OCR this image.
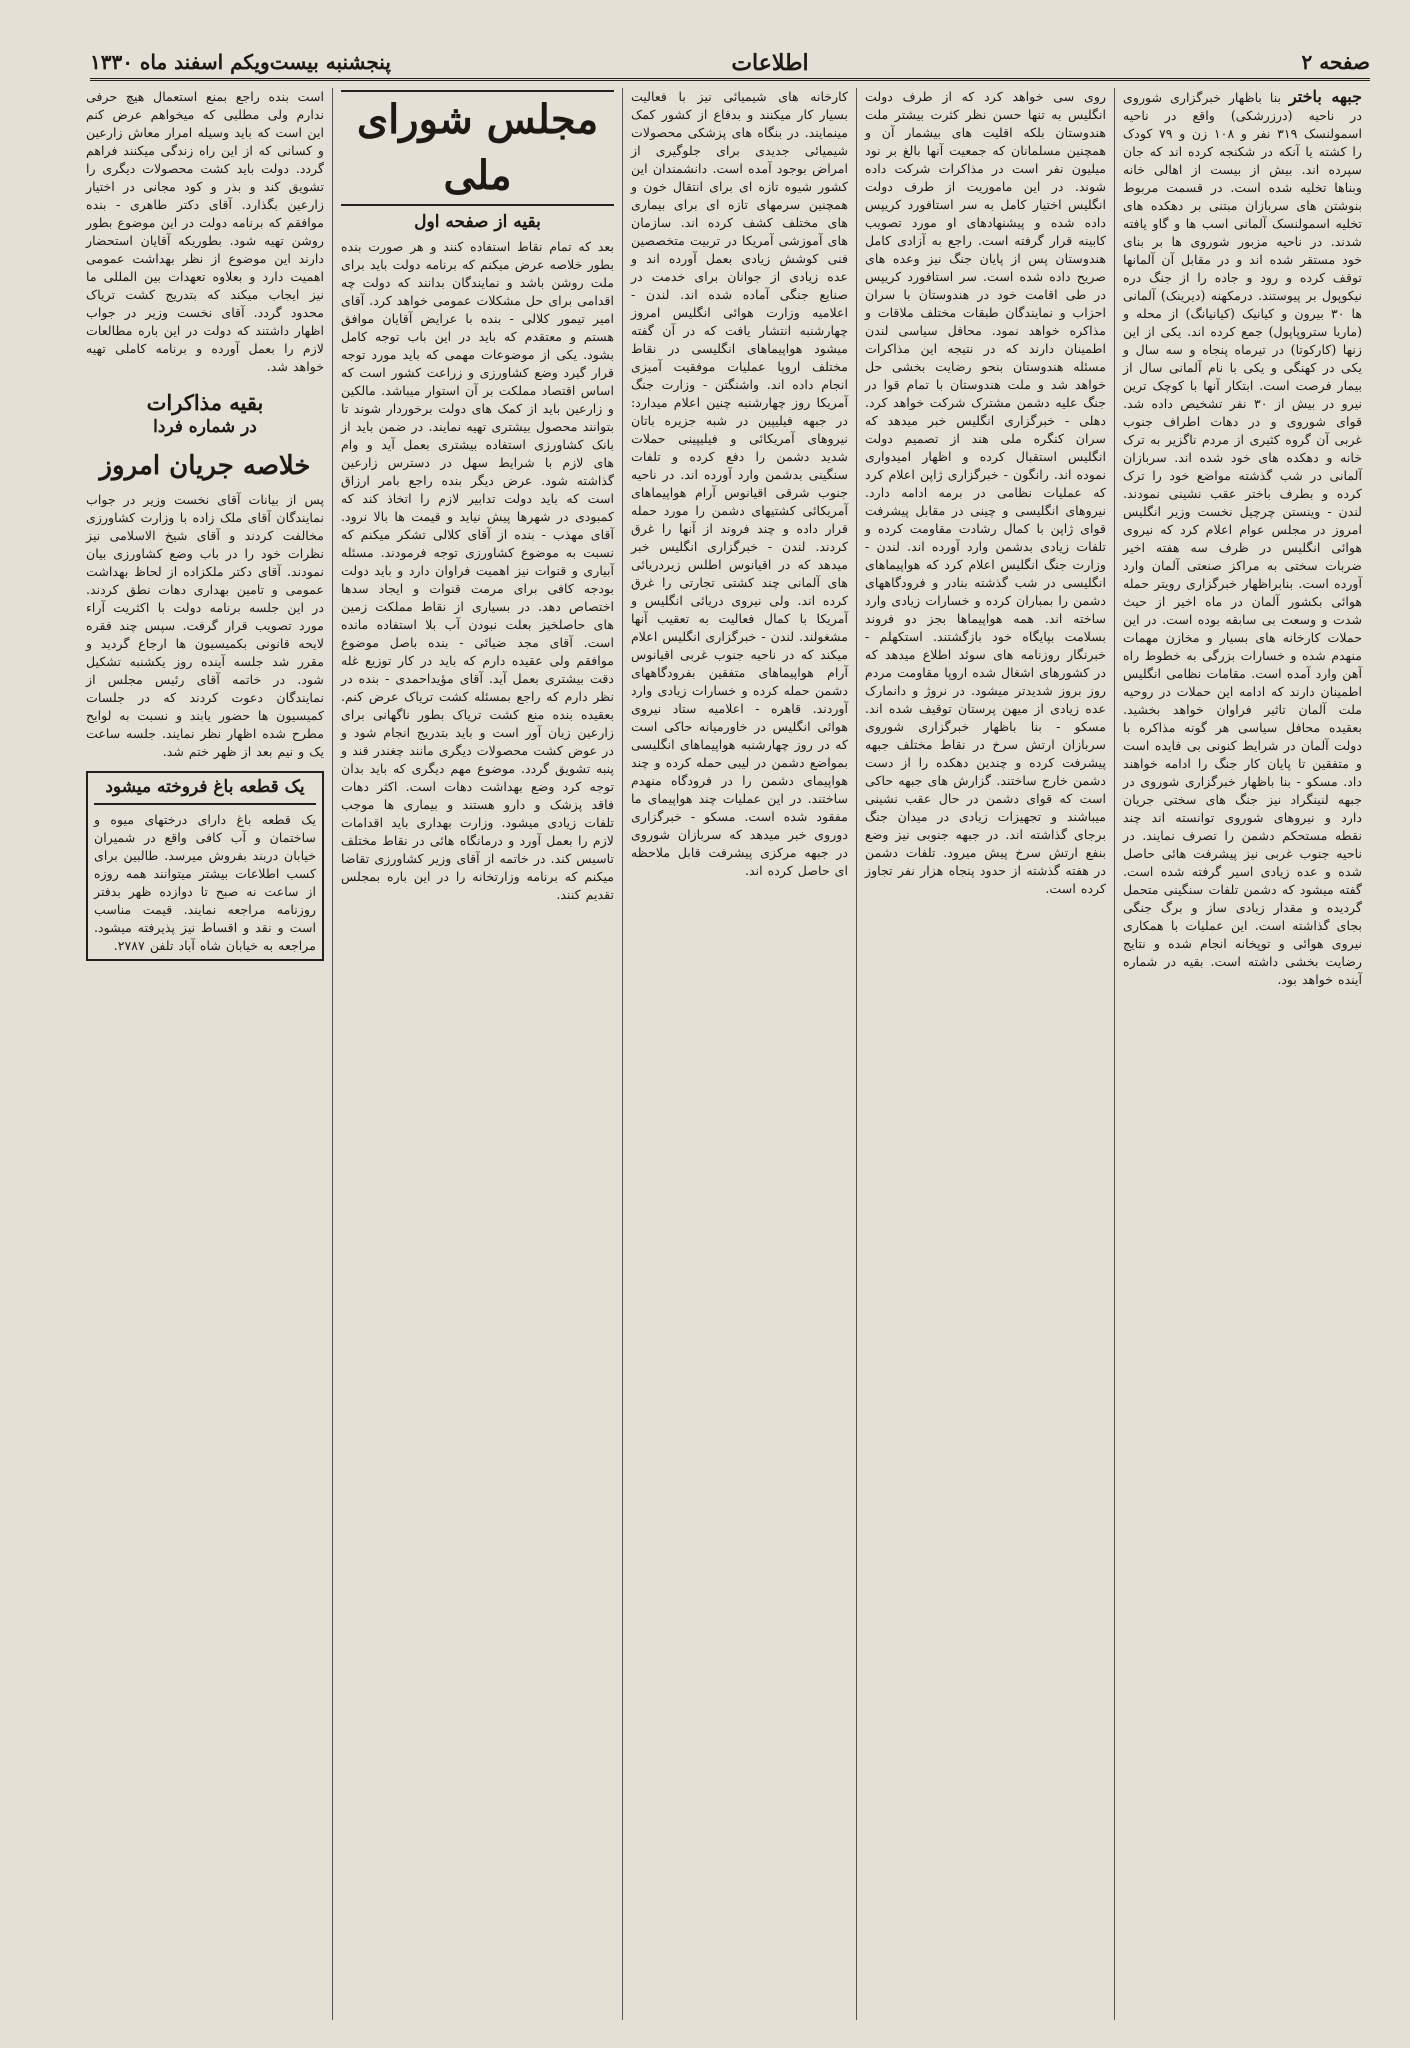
صفحه ۲
اطلاعات
پنجشنبه بیست‌ویکم اسفند ماه ۱۳۳۰
جبهه باختر بنا باظهار خبرگزاری شوروی در ناحیه (درزرشکی) واقع در ناحیه اسمولنسک ۳۱۹ نفر و ۱۰۸ زن و ۷۹ کودک را کشته یا آنکه در شکنجه کرده اند که جان سپرده اند. بیش از بیست از اهالی خانه وبناها تخلیه شده است. در قسمت مربوط بنوشتن های سربازان مبتنی بر دهکده های تخلیه اسمولنسک آلمانی اسب ها و گاو یافته شدند. در ناحیه مزبور شوروی ها بر بنای خود مستقر شده اند و در مقابل آن آلمانها توقف کرده و رود و جاده را از جنگ دره نیکوپول بر پیوستند. درمکهنه (دیرینک) آلمانی ها ۳۰ بیرون و کیانیک (کیانیانگ) از محله و (ماریا ستروپاپول) جمع کرده اند. یکی از این زنها (کارکوتا) در تیرماه پنجاه و سه سال و یکی در کهنگی و یکی با نام آلمانی سال از بیمار فرصت است. ابتکار آنها با کوچک ترین نیرو در بیش از ۳۰ نفر تشخیص داده شد. قوای شوروی و در دهات اطراف جنوب غربی آن گروه کثیری از مردم ناگزیر به ترک خانه و دهکده های خود شده اند. سربازان آلمانی در شب گذشته مواضع خود را ترک کرده و بطرف باختر عقب نشینی نمودند. لندن - وینستن چرچیل نخست وزیر انگلیس امروز در مجلس عوام اعلام کرد که نیروی هوائی انگلیس در ظرف سه هفته اخیر ضربات سختی به مراکز صنعتی آلمان وارد آورده است. بنابراظهار خبرگزاری رویتر حمله هوائی بکشور آلمان در ماه اخیر از حیث شدت و وسعت بی سابقه بوده است. در این حملات کارخانه های بسیار و مخازن مهمات منهدم شده و خسارات بزرگی به خطوط راه آهن وارد آمده است. مقامات نظامی انگلیس اطمینان دارند که ادامه این حملات در روحیه ملت آلمان تاثیر فراوان خواهد بخشید. بعقیده محافل سیاسی هر گونه مذاکره با دولت آلمان در شرایط کنونی بی فایده است و متفقین تا پایان کار جنگ را ادامه خواهند داد. مسکو - بنا باظهار خبرگزاری شوروی در جبهه لنینگراد نیز جنگ های سختی جریان دارد و نیروهای شوروی توانسته اند چند نقطه مستحکم دشمن را تصرف نمایند. در ناحیه جنوب غربی نیز پیشرفت هائی حاصل شده و عده زیادی اسیر گرفته شده است. گفته میشود که دشمن تلفات سنگینی متحمل گردیده و مقدار زیادی ساز و برگ جنگی بجای گذاشته است. این عملیات با همکاری نیروی هوائی و توپخانه انجام شده و نتایج رضایت بخشی داشته است. بقیه در شماره آینده خواهد بود.
روی سی خواهد کرد که از طرف دولت انگلیس به تنها حسن نظر کثرت بیشتر ملت هندوستان بلکه اقلیت های بیشمار آن و همچنین مسلمانان که جمعیت آنها بالغ بر نود میلیون نفر است در مذاکرات شرکت داده شوند. در این ماموریت از طرف دولت انگلیس اختیار کامل به سر استافورد کریپس داده شده و پیشنهادهای او مورد تصویب کابینه قرار گرفته است. راجع به آزادی کامل هندوستان پس از پایان جنگ نیز وعده های صریح داده شده است. سر استافورد کریپس در طی اقامت خود در هندوستان با سران احزاب و نمایندگان طبقات مختلف ملاقات و مذاکره خواهد نمود. محافل سیاسی لندن اطمینان دارند که در نتیجه این مذاکرات مسئله هندوستان بنحو رضایت بخشی حل خواهد شد و ملت هندوستان با تمام قوا در جنگ علیه دشمن مشترک شرکت خواهد کرد. دهلی - خبرگزاری انگلیس خبر میدهد که سران کنگره ملی هند از تصمیم دولت انگلیس استقبال کرده و اظهار امیدواری نموده اند. رانگون - خبرگزاری ژاپن اعلام کرد که عملیات نظامی در برمه ادامه دارد. نیروهای انگلیسی و چینی در مقابل پیشرفت قوای ژاپن با کمال رشادت مقاومت کرده و تلفات زیادی بدشمن وارد آورده اند. لندن - وزارت جنگ انگلیس اعلام کرد که هواپیماهای انگلیسی در شب گذشته بنادر و فرودگاههای دشمن را بمباران کرده و خسارات زیادی وارد ساخته اند. همه هواپیماها بجز دو فروند بسلامت بپایگاه خود بازگشتند. استکهلم - خبرنگار روزنامه های سوئد اطلاع میدهد که در کشورهای اشغال شده اروپا مقاومت مردم روز بروز شدیدتر میشود. در نروژ و دانمارک عده زیادی از میهن پرستان توقیف شده اند. مسکو - بنا باظهار خبرگزاری شوروی سربازان ارتش سرخ در نقاط مختلف جبهه پیشرفت کرده و چندین دهکده را از دست دشمن خارج ساختند. گزارش های جبهه حاکی است که قوای دشمن در حال عقب نشینی میباشند و تجهیزات زیادی در میدان جنگ برجای گذاشته اند. در جبهه جنوبی نیز وضع بنفع ارتش سرخ پیش میرود. تلفات دشمن در هفته گذشته از حدود پنجاه هزار نفر تجاوز کرده است.
کارخانه های شیمیائی نیز با فعالیت بسیار کار میکنند و بدفاع از کشور کمک مینمایند. در بنگاه های پزشکی محصولات شیمیائی جدیدی برای جلوگیری از امراض بوجود آمده است. دانشمندان این کشور شیوه تازه ای برای انتقال خون و همچنین سرمهای تازه ای برای بیماری های مختلف کشف کرده اند. سازمان های آموزشی آمریکا در تربیت متخصصین فنی کوشش زیادی بعمل آورده اند و عده زیادی از جوانان برای خدمت در صنایع جنگی آماده شده اند. لندن - اعلامیه وزارت هوائی انگلیس امروز چهارشنبه انتشار یافت که در آن گفته میشود هواپیماهای انگلیسی در نقاط مختلف اروپا عملیات موفقیت آمیزی انجام داده اند. واشنگتن - وزارت جنگ آمریکا روز چهارشنبه چنین اعلام میدارد: در جبهه فیلیپین در شبه جزیره باتان نیروهای آمریکائی و فیلیپینی حملات شدید دشمن را دفع کرده و تلفات سنگینی بدشمن وارد آورده اند. در ناحیه جنوب شرقی اقیانوس آرام هواپیماهای آمریکائی کشتیهای دشمن را مورد حمله قرار داده و چند فروند از آنها را غرق کردند. لندن - خبرگزاری انگلیس خبر میدهد که در اقیانوس اطلس زیردریائی های آلمانی چند کشتی تجارتی را غرق کرده اند. ولی نیروی دریائی انگلیس و آمریکا با کمال فعالیت به تعقیب آنها مشغولند. لندن - خبرگزاری انگلیس اعلام میکند که در ناحیه جنوب غربی اقیانوس آرام هواپیماهای متفقین بفرودگاههای دشمن حمله کرده و خسارات زیادی وارد آوردند. قاهره - اعلامیه ستاد نیروی هوائی انگلیس در خاورمیانه حاکی است که در روز چهارشنبه هواپیماهای انگلیسی بمواضع دشمن در لیبی حمله کرده و چند هواپیمای دشمن را در فرودگاه منهدم ساختند. در این عملیات چند هواپیمای ما مفقود شده است. مسکو - خبرگزاری دوروی خبر میدهد که سربازان شوروی در جبهه مرکزی پیشرفت قابل ملاحظه ای حاصل کرده اند.
مجلس شورای ملی
بقیه از صفحه اول
بعد که تمام نقاط استفاده کنند و هر صورت بنده بطور خلاصه عرض میکنم که برنامه دولت باید برای ملت روشن باشد و نمایندگان بدانند که دولت چه اقدامی برای حل مشکلات عمومی خواهد کرد. آقای امیر تیمور کلالی - بنده با عرایض آقایان موافق هستم و معتقدم که باید در این باب توجه کامل بشود. یکی از موضوعات مهمی که باید مورد توجه قرار گیرد وضع کشاورزی و زراعت کشور است که اساس اقتصاد مملکت بر آن استوار میباشد. مالکین و زارعین باید از کمک های دولت برخوردار شوند تا بتوانند محصول بیشتری تهیه نمایند. در ضمن باید از بانک کشاورزی استفاده بیشتری بعمل آید و وام های لازم با شرایط سهل در دسترس زارعین گذاشته شود. عرض دیگر بنده راجع بامر ارزاق است که باید دولت تدابیر لازم را اتخاذ کند که کمبودی در شهرها پیش نیاید و قیمت ها بالا نرود. آقای مهذب - بنده از آقای کلالی تشکر میکنم که نسبت به موضوع کشاورزی توجه فرمودند. مسئله آبیاری و قنوات نیز اهمیت فراوان دارد و باید دولت بودجه کافی برای مرمت قنوات و ایجاد سدها اختصاص دهد. در بسیاری از نقاط مملکت زمین های حاصلخیز بعلت نبودن آب بلا استفاده مانده است. آقای مجد ضیائی - بنده باصل موضوع موافقم ولی عقیده دارم که باید در کار توزیع غله دقت بیشتری بعمل آید. آقای مؤیداحمدی - بنده در نظر دارم که راجع بمسئله کشت تریاک عرض کنم. بعقیده بنده منع کشت تریاک بطور ناگهانی برای زارعین زیان آور است و باید بتدریج انجام شود و در عوض کشت محصولات دیگری مانند چغندر قند و پنبه تشویق گردد. موضوع مهم دیگری که باید بدان توجه کرد وضع بهداشت دهات است. اکثر دهات فاقد پزشک و دارو هستند و بیماری ها موجب تلفات زیادی میشود. وزارت بهداری باید اقدامات لازم را بعمل آورد و درمانگاه هائی در نقاط مختلف تاسیس کند. در خاتمه از آقای وزیر کشاورزی تقاضا میکنم که برنامه وزارتخانه را در این باره بمجلس تقدیم کنند.
است بنده راجع بمنع استعمال هیچ حرفی ندارم ولی مطلبی که میخواهم عرض کنم این است که باید وسیله امرار معاش زارعین و کسانی که از این راه زندگی میکنند فراهم گردد. دولت باید کشت محصولات دیگری را تشویق کند و بذر و کود مجانی در اختیار زارعین بگذارد. آقای دکتر طاهری - بنده موافقم که برنامه دولت در این موضوع بطور روشن تهیه شود. بطوریکه آقایان استحضار دارند این موضوع از نظر بهداشت عمومی اهمیت دارد و بعلاوه تعهدات بین المللی ما نیز ایجاب میکند که بتدریج کشت تریاک محدود گردد. آقای نخست وزیر در جواب اظهار داشتند که دولت در این باره مطالعات لازم را بعمل آورده و برنامه کاملی تهیه خواهد شد.
بقیه مذاکرات
در شماره فردا
خلاصه جریان امروز
پس از بیانات آقای نخست وزیر در جواب نمایندگان آقای ملک زاده با وزارت کشاورزی مخالفت کردند و آقای شیخ الاسلامی نیز نظرات خود را در باب وضع کشاورزی بیان نمودند. آقای دکتر ملکزاده از لحاظ بهداشت عمومی و تامین بهداری دهات نطق کردند. در این جلسه برنامه دولت با اکثریت آراء مورد تصویب قرار گرفت. سپس چند فقره لایحه قانونی بکمیسیون ها ارجاع گردید و مقرر شد جلسه آینده روز یکشنبه تشکیل شود. در خاتمه آقای رئیس مجلس از نمایندگان دعوت کردند که در جلسات کمیسیون ها حضور یابند و نسبت به لوایح مطرح شده اظهار نظر نمایند. جلسه ساعت یک و نیم بعد از ظهر ختم شد.
یک قطعه باغ فروخته میشود
یک قطعه باغ دارای درختهای میوه و ساختمان و آب کافی واقع در شمیران خیابان دربند بفروش میرسد. طالبین برای کسب اطلاعات بیشتر میتوانند همه روزه از ساعت نه صبح تا دوازده ظهر بدفتر روزنامه مراجعه نمایند. قیمت مناسب است و نقد و اقساط نیز پذیرفته میشود. مراجعه به خیابان شاه آباد تلفن ۲۷۸۷.
